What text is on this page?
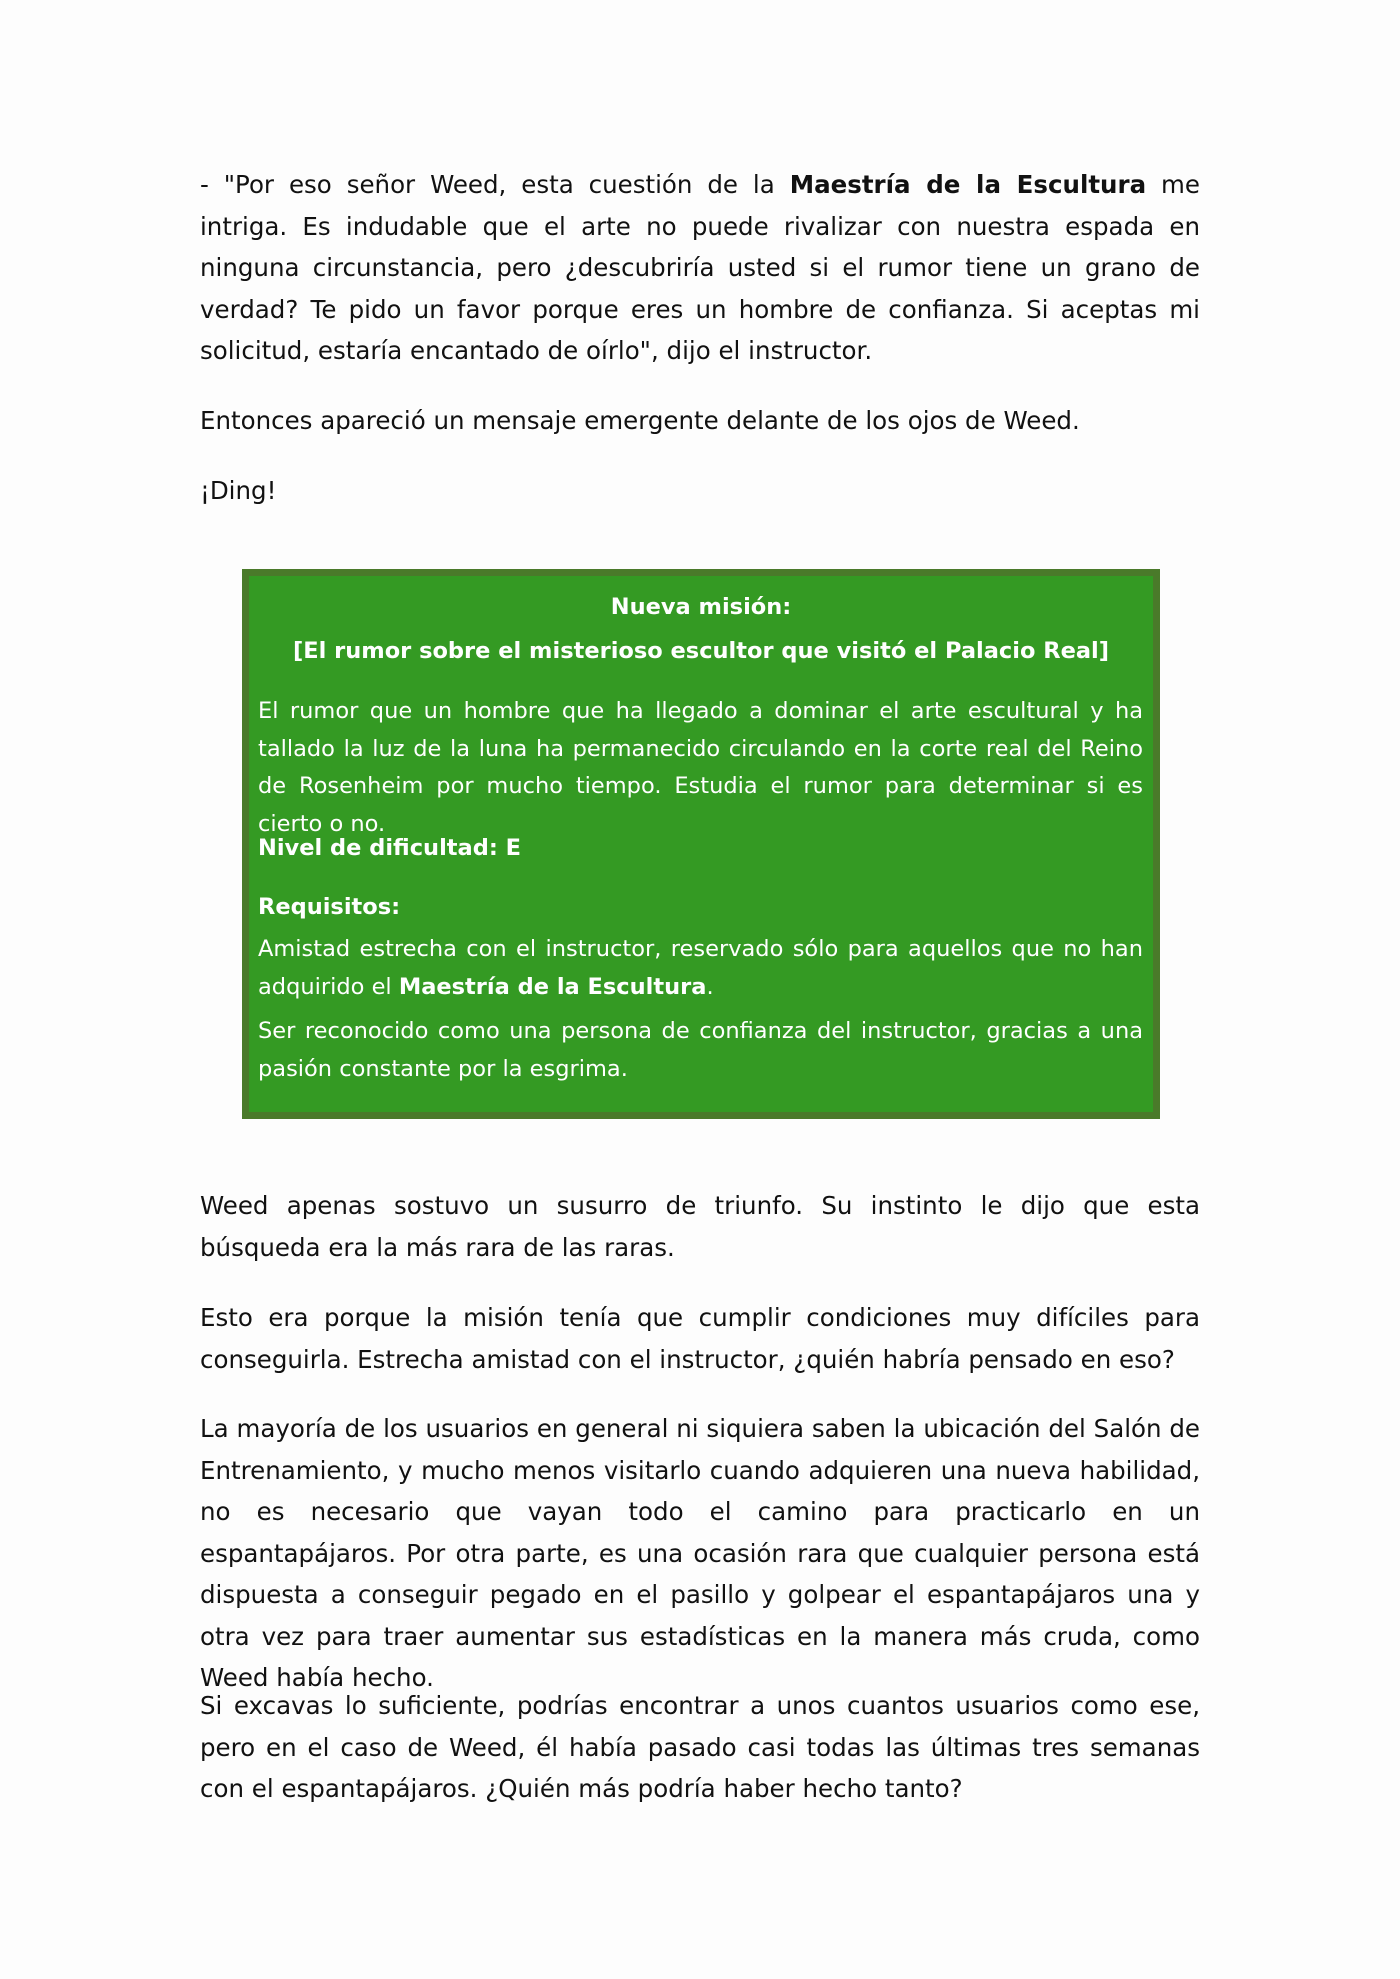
- "Por eso señor Weed, esta cuestión de la Maestría de la Escultura me intriga. Es indudable que el arte no puede rivalizar con nuestra espada en ninguna circunstancia, pero ¿descubriría usted si el rumor tiene un grano de verdad? Te pido un favor porque eres un hombre de confianza. Si aceptas mi solicitud, estaría encantado de oírlo", dijo el instructor.

Entonces apareció un mensaje emergente delante de los ojos de Weed.

¡Ding!

Nueva misión:
[El rumor sobre el misterioso escultor que visitó el Palacio Real]

El rumor que un hombre que ha llegado a dominar el arte escultural y ha tallado la luz de la luna ha permanecido circulando en la corte real del Reino de Rosenheim por mucho tiempo. Estudia el rumor para determinar si es cierto o no.

Nivel de dificultad: E
Requisitos:

Amistad estrecha con el instructor, reservado sólo para aquellos que no han adquirido el Maestría de la Escultura.

Ser reconocido como una persona de confianza del instructor, gracias a una pasión constante por la esgrima.

Weed apenas sostuvo un susurro de triunfo. Su instinto le dijo que esta búsqueda era la más rara de las raras.

Esto era porque la misión tenía que cumplir condiciones muy difíciles para conseguirla. Estrecha amistad con el instructor, ¿quién habría pensado en eso?

La mayoría de los usuarios en general ni siquiera saben la ubicación del Salón de Entrenamiento, y mucho menos visitarlo cuando adquieren una nueva habilidad, no es necesario que vayan todo el camino para practicarlo en un espantapájaros. Por otra parte, es una ocasión rara que cualquier persona está dispuesta a conseguir pegado en el pasillo y golpear el espantapájaros una y otra vez para traer aumentar sus estadísticas en la manera más cruda, como Weed había hecho.

Si excavas lo suficiente, podrías encontrar a unos cuantos usuarios como ese, pero en el caso de Weed, él había pasado casi todas las últimas tres semanas con el espantapájaros. ¿Quién más podría haber hecho tanto?
